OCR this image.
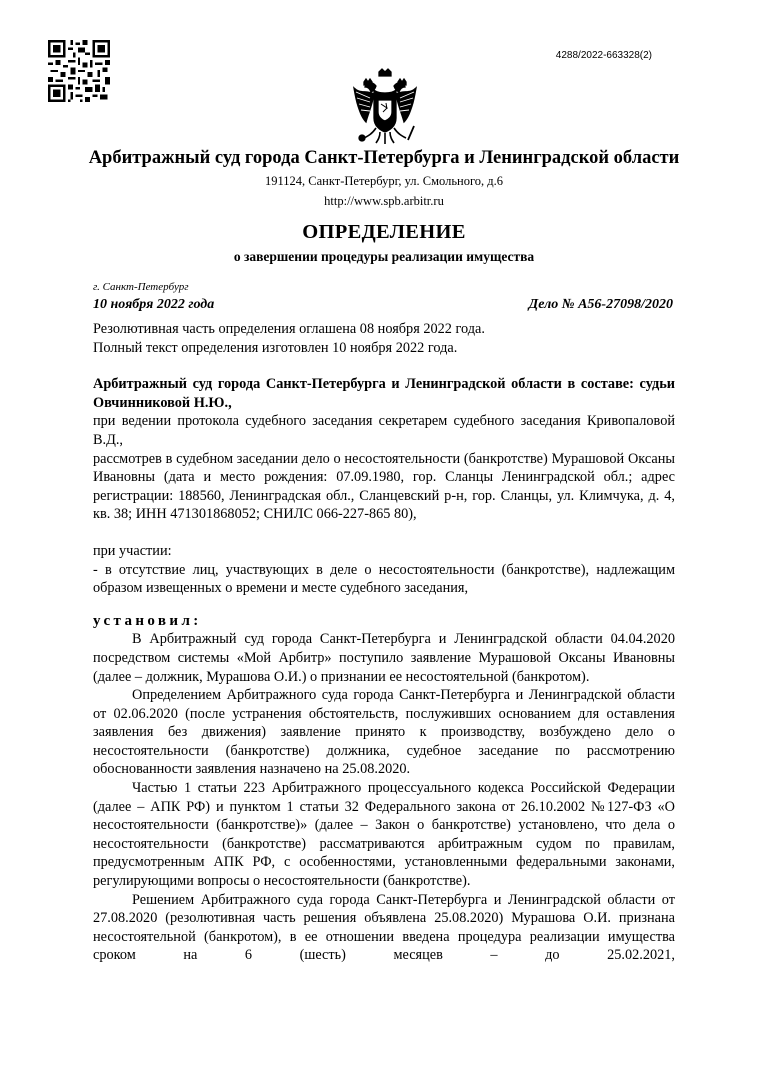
4288/2022-663328(2)
Арбитражный суд города Санкт-Петербурга и Ленинградской области
191124, Санкт-Петербург, ул. Смольного, д.6
http://www.spb.arbitr.ru
ОПРЕДЕЛЕНИЕ
о завершении процедуры реализации имущества
г. Санкт-Петербург
10 ноября 2022 года	Дело № А56-27098/2020

Резолютивная часть определения оглашена 08 ноября 2022 года.

Полный текст определения изготовлен 10 ноября 2022 года.

Арбитражный суд города Санкт-Петербурга и Ленинградской области в составе: судьи Овчинниковой Н.Ю.,

при ведении протокола судебного заседания секретарем судебного заседания Кривопаловой В.Д.,

рассмотрев в судебном заседании дело о несостоятельности (банкротстве) Мурашовой Оксаны Ивановны (дата и место рождения: 07.09.1980, гор. Сланцы Ленинградской обл.; адрес регистрации: 188560, Ленинградская обл., Сланцевский р-н, гор. Сланцы, ул. Климчука, д. 4, кв. 38; ИНН 471301868052; СНИЛС 066-227-865 80),

при участии:

- в отсутствие лиц, участвующих в деле о несостоятельности (банкротстве), надлежащим образом извещенных о времени и месте судебного заседания,

установил:

В Арбитражный суд города Санкт-Петербурга и Ленинградской области 04.04.2020 посредством системы «Мой Арбитр» поступило заявление Мурашовой Оксаны Ивановны (далее – должник, Мурашова О.И.) о признании ее несостоятельной (банкротом).

Определением Арбитражного суда города Санкт-Петербурга и Ленинградской области от 02.06.2020 (после устранения обстоятельств, послуживших основанием для оставления заявления без движения) заявление принято к производству, возбуждено дело о несостоятельности (банкротстве) должника, судебное заседание по рассмотрению обоснованности заявления назначено на 25.08.2020.

Частью 1 статьи 223 Арбитражного процессуального кодекса Российской Федерации (далее – АПК РФ) и пунктом 1 статьи 32 Федерального закона от 26.10.2002 №127-ФЗ «О несостоятельности (банкротстве)» (далее – Закон о банкротстве) установлено, что дела о несостоятельности (банкротстве) рассматриваются арбитражным судом по правилам, предусмотренным АПК РФ, с особенностями, установленными федеральными законами, регулирующими вопросы о несостоятельности (банкротстве).

Решением Арбитражного суда города Санкт-Петербурга и Ленинградской области от 27.08.2020 (резолютивная часть решения объявлена 25.08.2020) Мурашова О.И. признана несостоятельной (банкротом), в ее отношении введена процедура реализации имущества сроком на 6 (шесть) месяцев – до 25.02.2021,
